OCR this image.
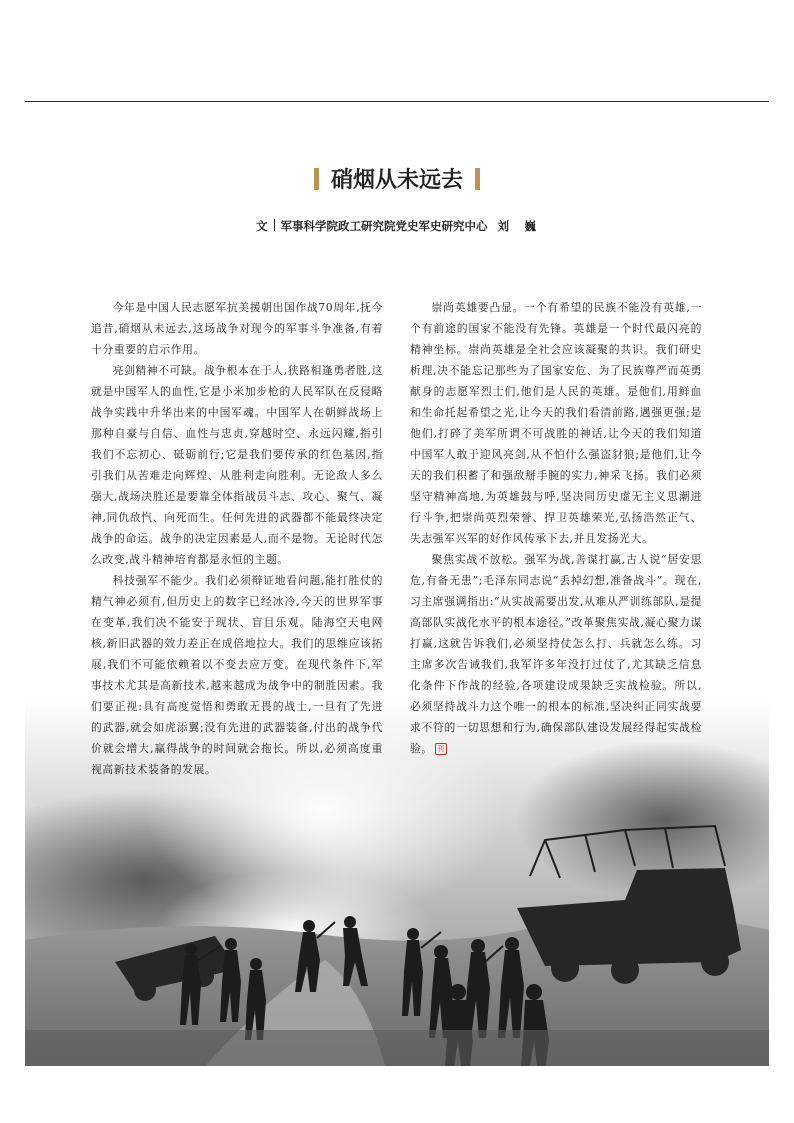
硝烟从未远去
文 军事科学院政工研究院党史军史研究中心 刘　巍

今年是中国人民志愿军抗美援朝出国作战70周年,抚今追昔,硝烟从未远去,这场战争对现今的军事斗争准备,有着十分重要的启示作用。

亮剑精神不可缺。战争根本在于人,狭路相逢勇者胜,这就是中国军人的血性,它是小米加步枪的人民军队在反侵略战争实践中升华出来的中国军魂。中国军人在朝鲜战场上那种自豪与自信、血性与忠贞,穿越时空、永远闪耀,指引我们不忘初心、砥砺前行;它是我们要传承的红色基因,指引我们从苦难走向辉煌、从胜利走向胜利。无论敌人多么强大,战场决胜还是要靠全体指战员斗志、攻心、聚气、凝神,同仇敌忾、向死而生。任何先进的武器都不能最终决定战争的命运。战争的决定因素是人,而不是物。无论时代怎么改变,战斗精神培育都是永恒的主题。

科技强军不能少。我们必须辩证地看问题,能打胜仗的精气神必须有,但历史上的数字已经冰冷,今天的世界军事在变革,我们决不能安于现状、盲目乐观。陆海空天电网核,新旧武器的效力差正在成倍地拉大。我们的思维应该拓展,我们不可能依赖着以不变去应万变。在现代条件下,军事技术尤其是高新技术,越来越成为战争中的制胜因素。我们要正视:具有高度觉悟和勇敢无畏的战士,一旦有了先进的武器,就会如虎添翼;没有先进的武器装备,付出的战争代价就会增大,赢得战争的时间就会拖长。所以,必须高度重视高新技术装备的发展。

崇尚英雄要凸显。一个有希望的民族不能没有英雄,一个有前途的国家不能没有先锋。英雄是一个时代最闪亮的精神坐标。崇尚英雄是全社会应该凝聚的共识。我们研史析理,决不能忘记那些为了国家安危、为了民族尊严而英勇献身的志愿军烈士们,他们是人民的英雄。是他们,用鲜血和生命托起希望之光,让今天的我们看清前路,遇强更强;是他们,打碎了美军所谓不可战胜的神话,让今天的我们知道中国军人敢于迎风亮剑,从不怕什么强盗豺狼;是他们,让今天的我们积蓄了和强敌掰手腕的实力,神采飞扬。我们必须坚守精神高地,为英雄鼓与呼,坚决同历史虚无主义思潮进行斗争,把崇尚英烈荣誉、捍卫英雄荣光,弘扬浩然正气、失志强军兴军的好作风传承下去,并且发扬光大。

聚焦实战不放松。强军为战,善谋打赢,古人说“居安思危,有备无患”;毛泽东同志说“丢掉幻想,准备战斗”。现在,习主席强调指出:“从实战需要出发,从难从严训练部队,是提高部队实战化水平的根本途径。”改革聚焦实战,凝心聚力谋打赢,这就告诉我们,必须坚持仗怎么打、兵就怎么练。习主席多次告诫我们,我军许多年没打过仗了,尤其缺乏信息化条件下作战的经验,各项建设成果缺乏实战检验。所以,必须坚持战斗力这个唯一的根本的标准,坚决纠正同实战要求不符的一切思想和行为,确保部队建设发展经得起实战检验。 刊
